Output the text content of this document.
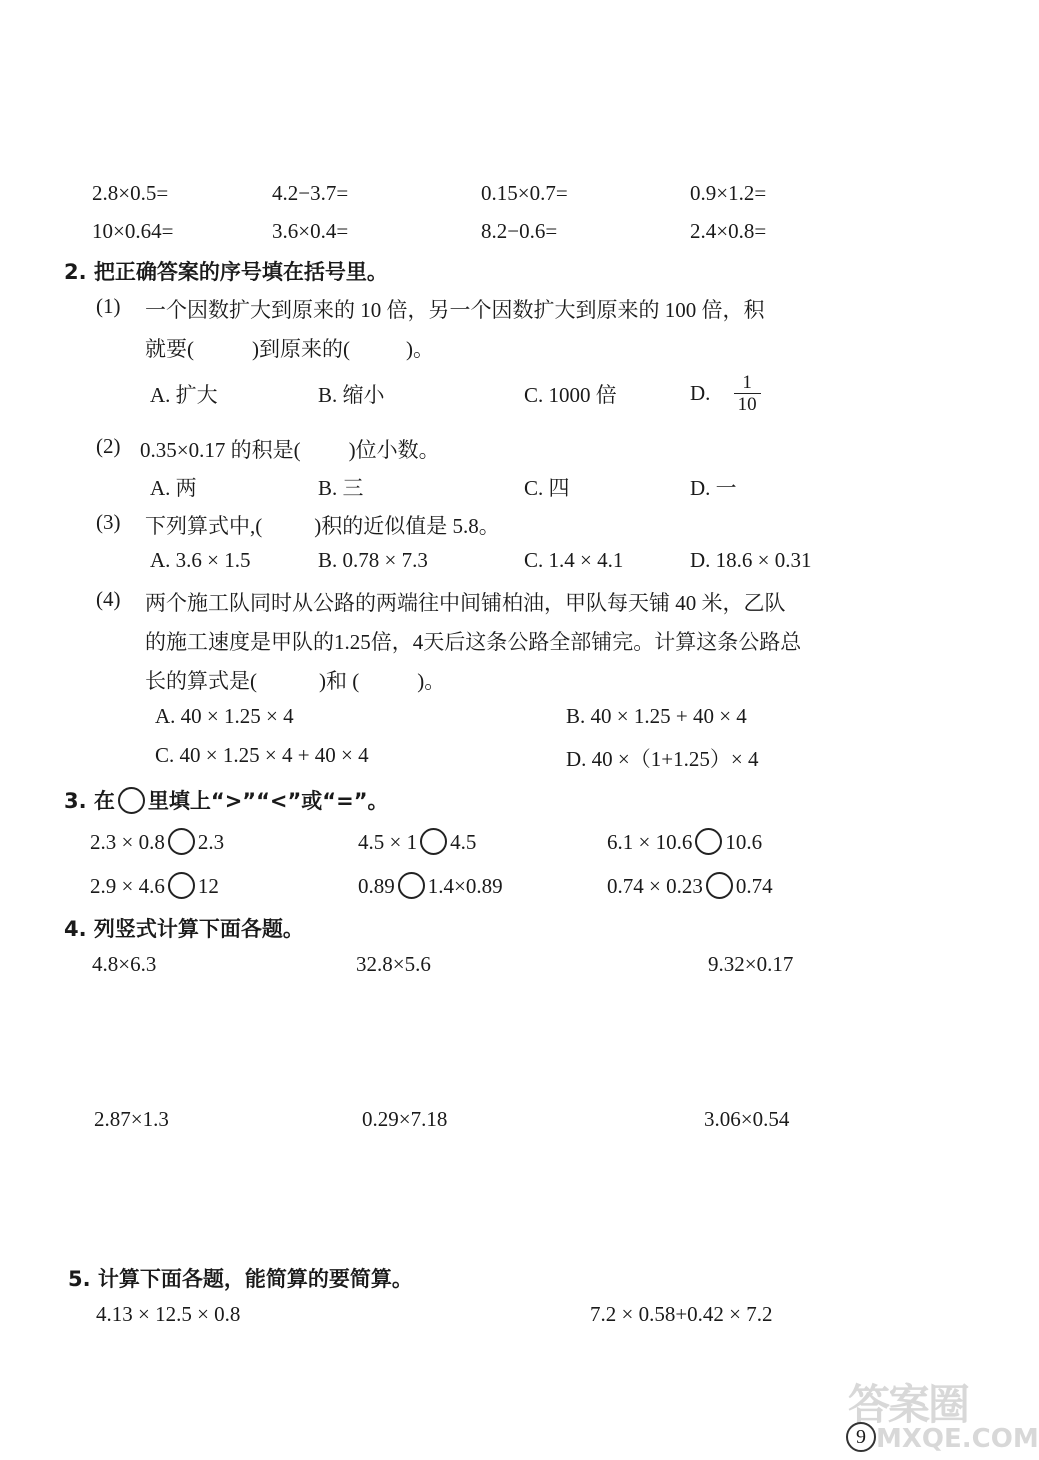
2.8×0.5=	4.2−3.7=	0.15×0.7=	0.9×1.2=
10×0.64=	3.6×0.4=	8.2−0.6=	2.4×0.8=
2. 把正确答案的序号填在括号里。
(1) 一个因数扩大到原来的 10 倍，另一个因数扩大到原来的 100 倍，积
就要(	)到原来的(	)。
A. 扩大	B. 缩小	C. 1000 倍	D. $\frac{1}{10}$
(2) 0.35×0.17 的积是( )位小数。
A. 两	B. 三	C. 四	D. 一
(3) 下列算式中,( )积的近似值是 5.8。
A. 3.6 × 1.5	B. 0.78 × 7.3	C. 1.4 × 4.1	D. 18.6 × 0.31
(4) 两个施工队同时从公路的两端往中间铺柏油，甲队每天铺 40 米，乙队
的施工速度是甲队的1.25倍，4天后这条公路全部铺完。计算这条公路总
长的算式是(	)和 (	)。
A. 40 × 1.25 × 4	B. 40 × 1.25 + 40 × 4
C. 40 × 1.25 × 4 + 40 × 4	D. 40 ×（1+1.25）× 4
3. 在 里填上“>”“<”或“=”。
2.3 × 0.8 2.3	4.5 × 1 4.5	6.1 × 10.6 10.6
2.9 × 4.6 12	0.89 1.4×0.89	0.74 × 0.23 0.74
4. 列竖式计算下面各题。
4.8×6.3	32.8×5.6	9.32×0.17
2.87×1.3	0.29×7.18	3.06×0.54
5. 计算下面各题，能简算的要简算。
4.13 × 12.5 × 0.8	7.2 × 0.58+0.42 × 7.2
答案圈
MXQE.COM
9
